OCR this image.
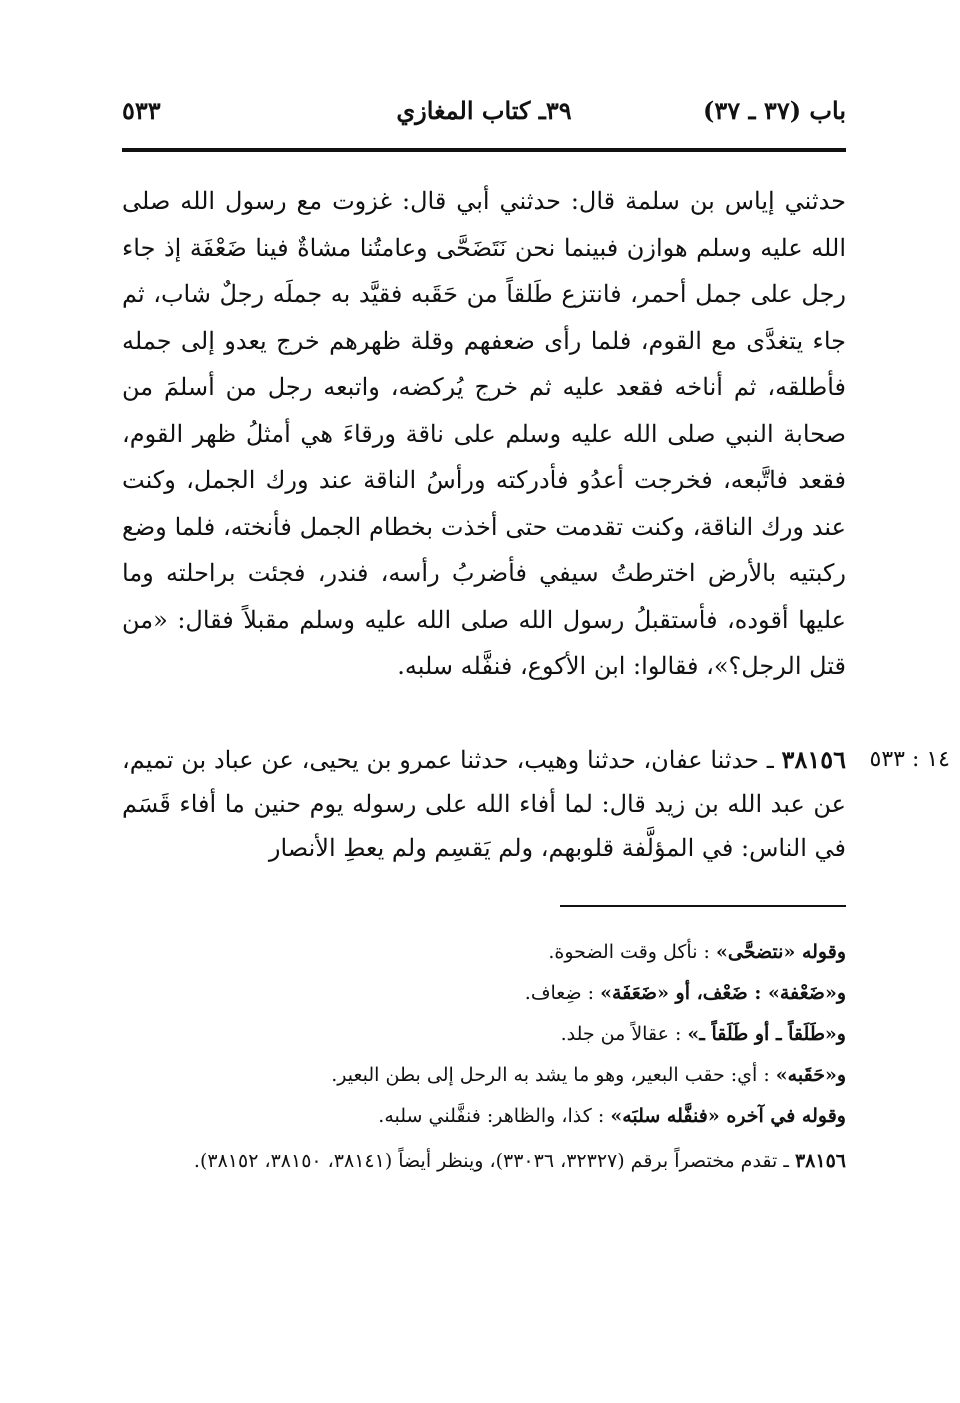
باب (٣٧ ـ ٣٧)
٣٩ـ كتاب المغازي
٥٣٣

حدثني إياس بن سلمة قال: حدثني أبي قال: غزوت مع رسول الله صلى الله عليه وسلم هوازن فبينما نحن نَتَضَحَّى وعامتُنا مشاةٌ فينا ضَعْفَة إذ جاء رجل على جمل أحمر، فانتزع طَلقاً من حَقَبه فقيَّد به جملَه رجلٌ شاب، ثم جاء يتغدَّى مع القوم، فلما رأى ضعفهم وقلة ظهرهم خرج يعدو إلى جمله فأطلقه، ثم أناخه فقعد عليه ثم خرج يُركضه، واتبعه رجل من أسلمَ من صحابة النبي صلى الله عليه وسلم على ناقة ورقاءَ هي أمثلُ ظهر القوم، فقعد فاتَّبعه، فخرجت أعدُو فأدركته ورأسُ الناقة عند ورك الجمل، وكنت عند ورك الناقة، وكنت تقدمت حتى أخذت بخطام الجمل فأنخته، فلما وضع ركبتيه بالأرض اخترطتُ سيفي فأضربُ رأسه، فندر، فجئت براحلته وما عليها أقوده، فأستقبلُ رسول الله صلى الله عليه وسلم مقبلاً فقال: «من قتل الرجل؟»، فقالوا: ابن الأكوع، فنفَّله سلبه.

١٤ : ٥٣٣

٣٨١٥٦ ـ حدثنا عفان، حدثنا وهيب، حدثنا عمرو بن يحيى، عن عباد بن تميم، عن عبد الله بن زيد قال: لما أفاء الله على رسوله يوم حنين ما أفاء قَسَم في الناس: في المؤلَّفة قلوبهم، ولم يَقسِم ولم يعطِ الأنصار

وقوله «نتضحَّى» : نأكل وقت الضحوة.

و«ضَعْفة» : ضَعْف، أو «ضَعَفَة» : ضِعاف.

و«طَلَقاً ـ أو طَلَقاً ـ» : عقالاً من جلد.

و«حَقَبه» : أي: حقب البعير، وهو ما يشد به الرحل إلى بطن البعير.

وقوله في آخره «فنفَّله سلبَه» : كذا، والظاهر: فنفَّلني سلبه.

٣٨١٥٦ ـ تقدم مختصراً برقم (٣٢٣٢٧، ٣٣٠٣٦)، وينظر أيضاً (٣٨١٤١، ٣٨١٥٠، ٣٨١٥٢).
